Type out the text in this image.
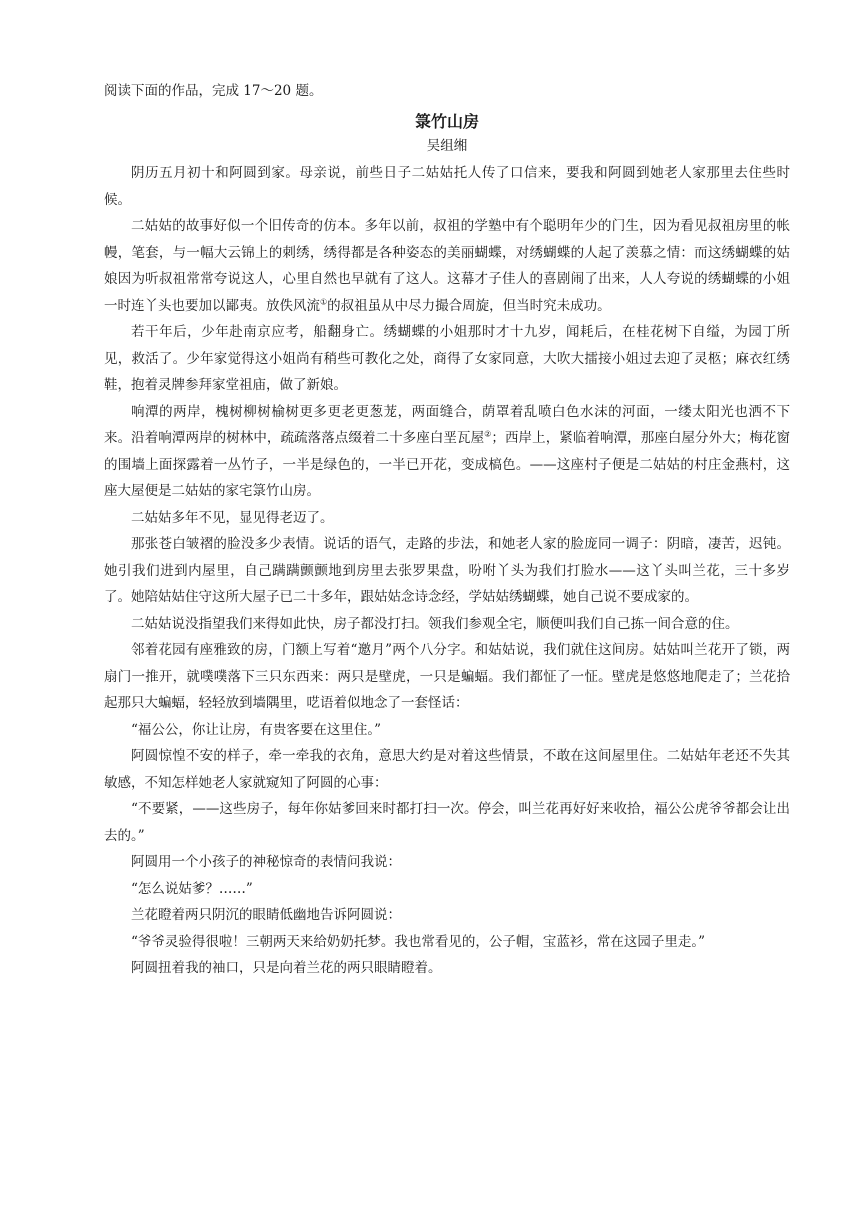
阅读下面的作品，完成 17～20 题。

箓竹山房

吴组缃

阴历五月初十和阿圆到家。母亲说，前些日子二姑姑托人传了口信来，要我和阿圆到她老人家那里去住些时候。

二姑姑的故事好似一个旧传奇的仿本。多年以前，叔祖的学塾中有个聪明年少的门生，因为看见叔祖房里的帐幔，笔套，与一幅大云锦上的刺绣，绣得都是各种姿态的美丽蝴蝶，对绣蝴蝶的人起了羡慕之情：而这绣蝴蝶的姑娘因为听叔祖常常夸说这人，心里自然也早就有了这人。这幕才子佳人的喜剧闹了出来，人人夸说的绣蝴蝶的小姐一时连丫头也要加以鄙夷。放佚风流①的叔祖虽从中尽力撮合周旋，但当时究未成功。

若干年后，少年赴南京应考，船翻身亡。绣蝴蝶的小姐那时才十九岁，闻耗后，在桂花树下自缢，为园丁所见，救活了。少年家觉得这小姐尚有稍些可教化之处，商得了女家同意，大吹大擂接小姐过去迎了灵柩；麻衣红绣鞋，抱着灵牌参拜家堂祖庙，做了新娘。

响潭的两岸，槐树柳树榆树更多更老更葱茏，两面缝合，荫罩着乱喷白色水沫的河面，一缕太阳光也洒不下来。沿着响潭两岸的树林中，疏疏落落点缀着二十多座白垩瓦屋②；西岸上，紧临着响潭，那座白屋分外大；梅花窗的围墙上面探露着一丛竹子，一半是绿色的，一半已开花，变成槁色。——这座村子便是二姑姑的村庄金燕村，这座大屋便是二姑姑的家宅箓竹山房。

二姑姑多年不见，显见得老迈了。

那张苍白皱褶的脸没多少表情。说话的语气，走路的步法，和她老人家的脸庞同一调子：阴暗，凄苦，迟钝。她引我们进到内屋里，自己蹒蹒颤颤地到房里去张罗果盘，吩咐丫头为我们打脸水——这丫头叫兰花，三十多岁了。她陪姑姑住守这所大屋子已二十多年，跟姑姑念诗念经，学姑姑绣蝴蝶，她自己说不要成家的。

二姑姑说没指望我们来得如此快，房子都没打扫。领我们参观全宅，顺便叫我们自己拣一间合意的住。

邻着花园有座雅致的房，门额上写着“邀月”两个八分字。和姑姑说，我们就住这间房。姑姑叫兰花开了锁，两扇门一推开，就噗噗落下三只东西来：两只是壁虎，一只是蝙蝠。我们都怔了一怔。壁虎是悠悠地爬走了；兰花拾起那只大蝙蝠，轻轻放到墙隅里，呓语着似地念了一套怪话：

“福公公，你让让房，有贵客要在这里住。”

阿圆惊惶不安的样子，牵一牵我的衣角，意思大约是对着这些情景，不敢在这间屋里住。二姑姑年老还不失其敏感，不知怎样她老人家就窥知了阿圆的心事：

“不要紧，——这些房子，每年你姑爹回来时都打扫一次。停会，叫兰花再好好来收拾，福公公虎爷爷都会让出去的。”

阿圆用一个小孩子的神秘惊奇的表情问我说：

“怎么说姑爹？……”

兰花瞪着两只阴沉的眼睛低幽地告诉阿圆说：

“爷爷灵验得很啦！三朝两天来给奶奶托梦。我也常看见的，公子帽，宝蓝衫，常在这园子里走。”

阿圆扭着我的袖口，只是向着兰花的两只眼睛瞪着。
